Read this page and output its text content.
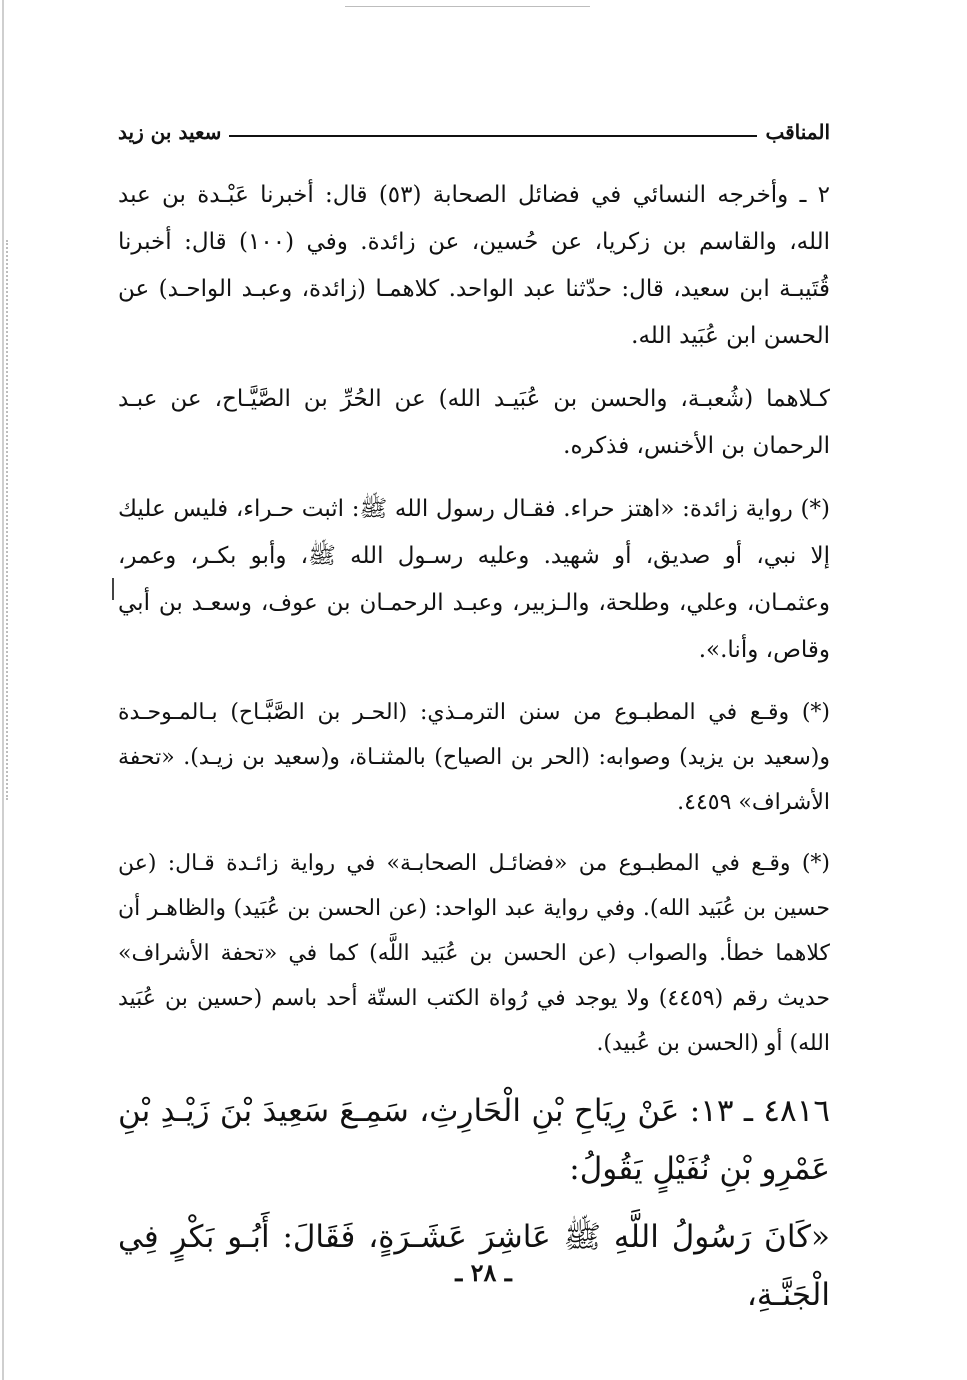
المناقب
سعيد بن زيد

٢ ـ وأخرجه النسائي في فضائل الصحابة (٥٣) قال: أخبرنا عَبْـدة بن عبد الله، والقاسم بن زكريا، عن حُسين، عن زائدة. وفي (١٠٠) قال: أخبرنا قُتَيبـة ابن سعيد، قال: حدّثنا عبد الواحد. كلاهمـا (زائدة، وعبـد الواحـد) عن الحسن ابن عُبَيد الله.

كـلاهما (شُعبـة، والحسن بن عُبَيـد الله) عن الحُرِّ بن الصَّيَّـاح، عن عبـد الرحمان بن الأخنس، فذكره.

(*) رواية زائدة: «اهتز حراء. فقـال رسول الله ﷺ: اثبت حـراء، فليس عليك إلا نبي، أو صديق، أو شهيد. وعليه رسـول الله ﷺ، وأبو بكـر، وعمر، وعثمـان، وعلي، وطلحة، والـزبير، وعبـد الرحمـان بن عوف، وسعـد بن أبي وقاص، وأنا.».

(*) وقـع في المطبـوع من سنن الترمـذي: (الحـر بن الصَّبَّـاح) بـالمـوحـدة و(سعيد بن يزيد) وصوابه: (الحر بن الصياح) بالمثنـاة، و(سعيد بن زيـد). «تحفة الأشراف» ٤٤٥٩.

(*) وقـع في المطبـوع من «فضائـل الصحابـة» في رواية زائـدة قـال: (عن حسين بن عُبَيد الله). وفي رواية عبد الواحد: (عن الحسن بن عُبَيد) والظاهـر أن كلاهما خطأ. والصواب (عن الحسن بن عُبَيد اللَّه) كما في «تحفة الأشراف» حديث رقم (٤٤٥٩) ولا يوجد في رُواة الكتب الستّة أحد باسم (حسين بن عُبَيد الله) أو (الحسن بن عُبيد).

٤٨١٦ ـ ١٣: عَنْ رِيَاحِ بْنِ الْحَارِثِ، سَمِـعَ سَعِيدَ بْنَ زَيْـدِ بْنِ عَمْرِو بْنِ نُفَيْلٍ يَقُولُ:

«كَانَ رَسُولُ اللَّهِ ﷺ عَاشِرَ عَشَـرَةٍ، فَقَالَ: أَبُـو بَكْرٍ فِي الْجَنَّـةِ،

ـ ٢٨ ـ
